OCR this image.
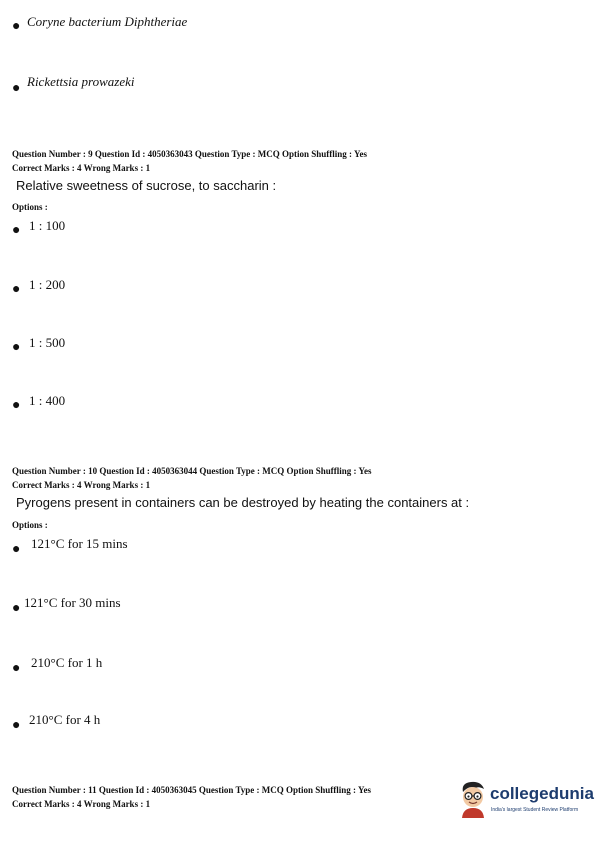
● Coryne bacterium Diphtheriae
● Rickettsia prowazeki
Question Number : 9 Question Id : 4050363043 Question Type : MCQ Option Shuffling : Yes
Correct Marks : 4 Wrong Marks : 1
Relative sweetness of sucrose, to saccharin :
Options :
● 1 : 100
● 1 : 200
● 1 : 500
● 1 : 400
Question Number : 10 Question Id : 4050363044 Question Type : MCQ Option Shuffling : Yes
Correct Marks : 4 Wrong Marks : 1
Pyrogens present in containers can be destroyed by heating the containers at :
Options :
● 121°C for 15 mins
● 121°C for 30 mins
● 210°C for 1 h
● 210°C for 4 h
Question Number : 11 Question Id : 4050363045 Question Type : MCQ Option Shuffling : Yes
Correct Marks : 4 Wrong Marks : 1
collegedunia
India's largest Student Review Platform
